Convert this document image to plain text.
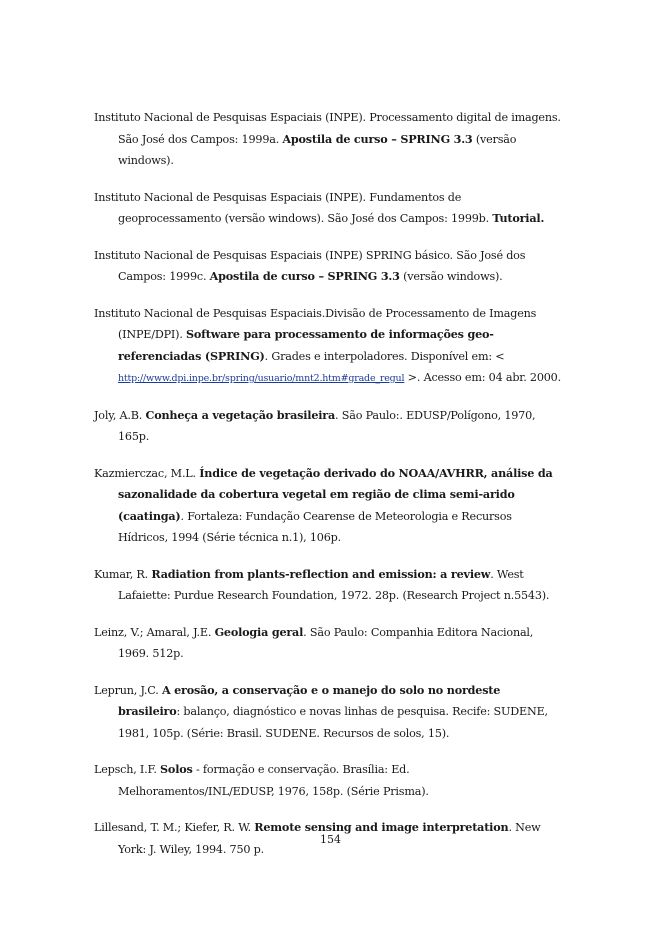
Instituto Nacional de Pesquisas Espaciais (INPE). Processamento digital de imagens. São José dos Campos: 1999a. Apostila de curso – SPRING 3.3 (versão windows).

Instituto Nacional de Pesquisas Espaciais (INPE). Fundamentos de geoprocessamento (versão windows). São José dos Campos: 1999b. Tutorial.

Instituto Nacional de Pesquisas Espaciais (INPE) SPRING básico. São José dos Campos: 1999c. Apostila de curso – SPRING 3.3 (versão windows).

Instituto Nacional de Pesquisas Espaciais.Divisão de Processamento de Imagens (INPE/DPI). Software para processamento de informações geo-referenciadas (SPRING). Grades e interpoladores. Disponível em: < http://www.dpi.inpe.br/spring/usuario/mnt2.htm#grade_regul >. Acesso em: 04 abr. 2000.

Joly, A.B. Conheça a vegetação brasileira. São Paulo:. EDUSP/Polígono, 1970, 165p.

Kazmierczac, M.L. Índice de vegetação derivado do NOAA/AVHRR, análise da sazonalidade da cobertura vegetal em região de clima semi-arido (caatinga). Fortaleza: Fundação Cearense de Meteorologia e Recursos Hídricos, 1994 (Série técnica n.1), 106p.

Kumar, R. Radiation from plants-reflection and emission: a review. West Lafaiette: Purdue Research Foundation, 1972. 28p. (Research Project n.5543).

Leinz, V.; Amaral, J.E. Geologia geral. São Paulo: Companhia Editora Nacional, 1969. 512p.

Leprun, J.C. A erosão, a conservação e o manejo do solo no nordeste brasileiro: balanço, diagnóstico e novas linhas de pesquisa. Recife: SUDENE, 1981, 105p. (Série: Brasil. SUDENE. Recursos de solos, 15).

Lepsch, I.F. Solos - formação e conservação. Brasília: Ed. Melhoramentos/INL/EDUSP, 1976, 158p. (Série Prisma).

Lillesand, T. M.; Kiefer, R. W. Remote sensing and image interpretation. New York: J. Wiley, 1994. 750 p.

154
